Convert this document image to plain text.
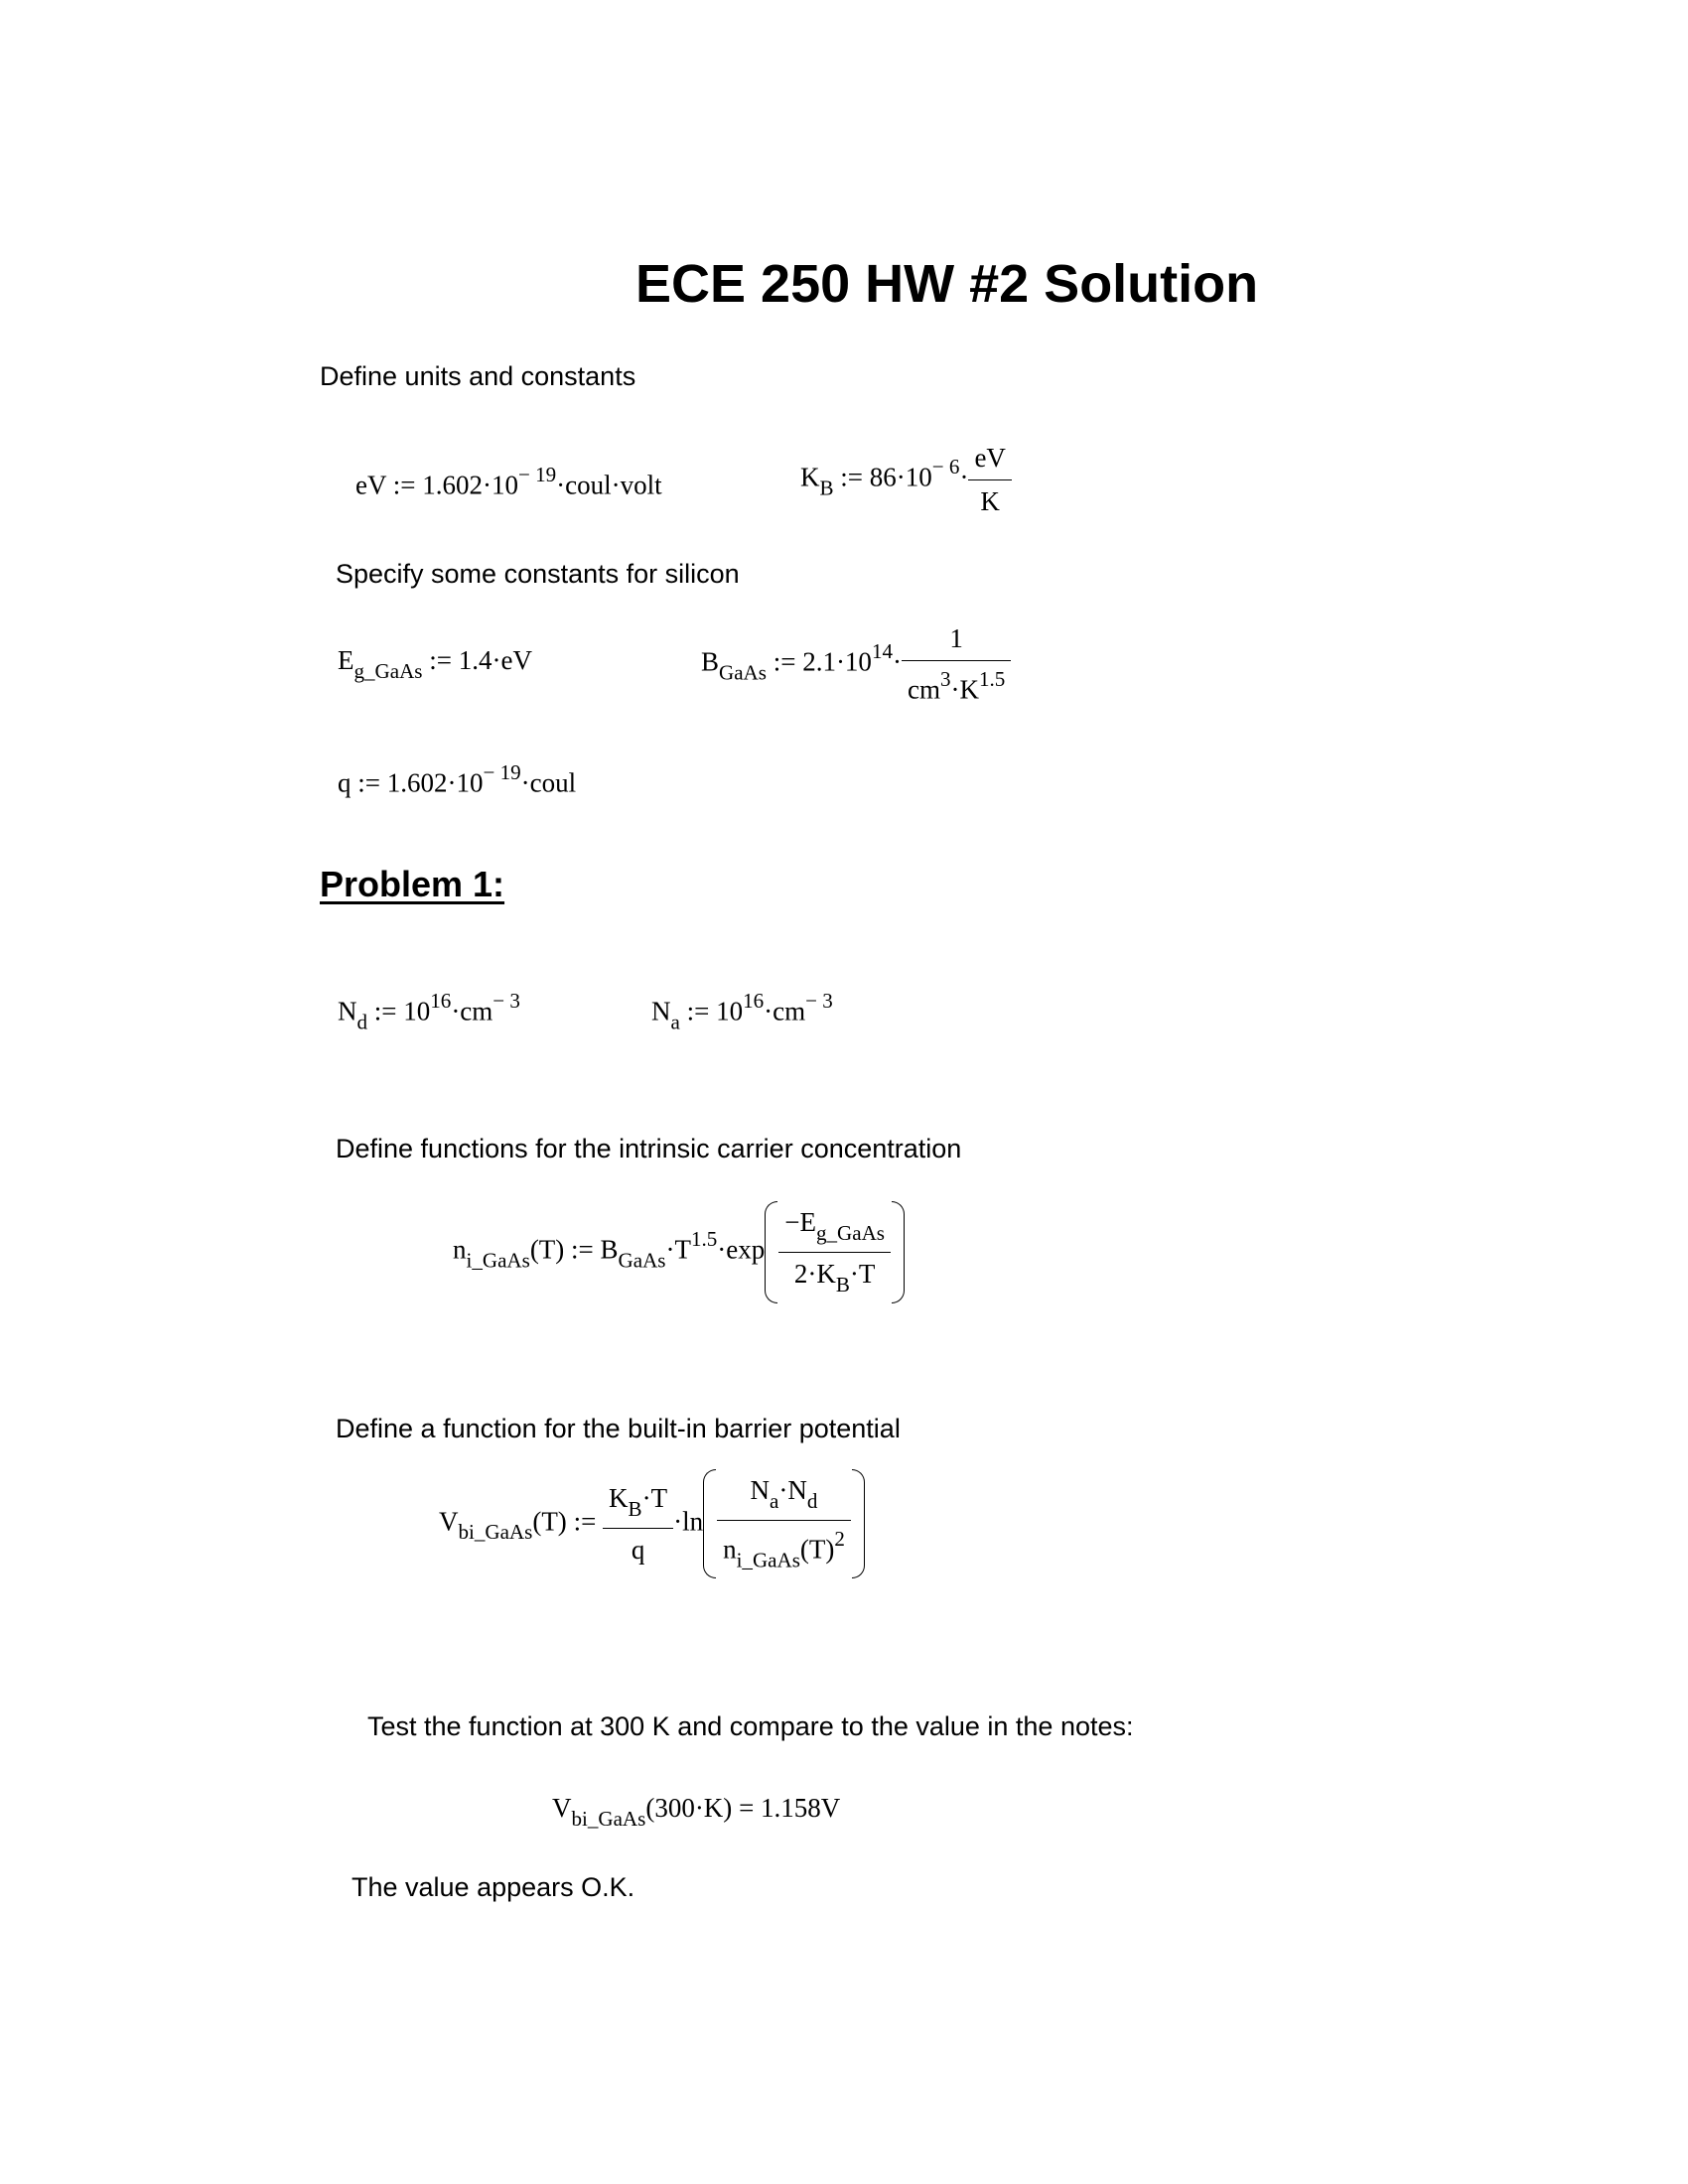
ECE 250 HW #2 Solution
Define units and constants
eV := $1.602\cdot 10^{- 19}\cdot coul\cdot volt$	$K_B$ := $86\cdot 10^{- 6}\cdot \frac{eV}{K}$
Specify some constants for silicon
$E_{g\_GaAs}$ := 1.4·eV	$B_{GaAs}$ := $2.1\cdot 10^{14}\cdot \frac{1}{cm^3\cdot K^{1.5}}$
q := $1.602\cdot 10^{- 19}\cdot coul$
Problem 1:
$N_d$ := $10^{16}\cdot cm^{- 3}$	$N_a$ := $10^{16}\cdot cm^{- 3}$
Define functions for the intrinsic carrier concentration
$n_{i\_GaAs}(T)$ := $B_{GaAs}\cdot T^{1.5}\cdot\exp \frac{-E_{g\_GaAs}}{2\cdot K_B\cdot T}$
Define a function for the built-in barrier potential
$V_{bi\_GaAs}(T)$ := $\frac{K_B\cdot T}{q} \cdot\ln \frac{N_a\cdot N_d}{n_{i\_GaAs}(T)^2}$
Test the function at 300 K and compare to the value in the notes:
$V_{bi\_GaAs}(300\cdot K) = 1.158V$
The value appears O.K.
